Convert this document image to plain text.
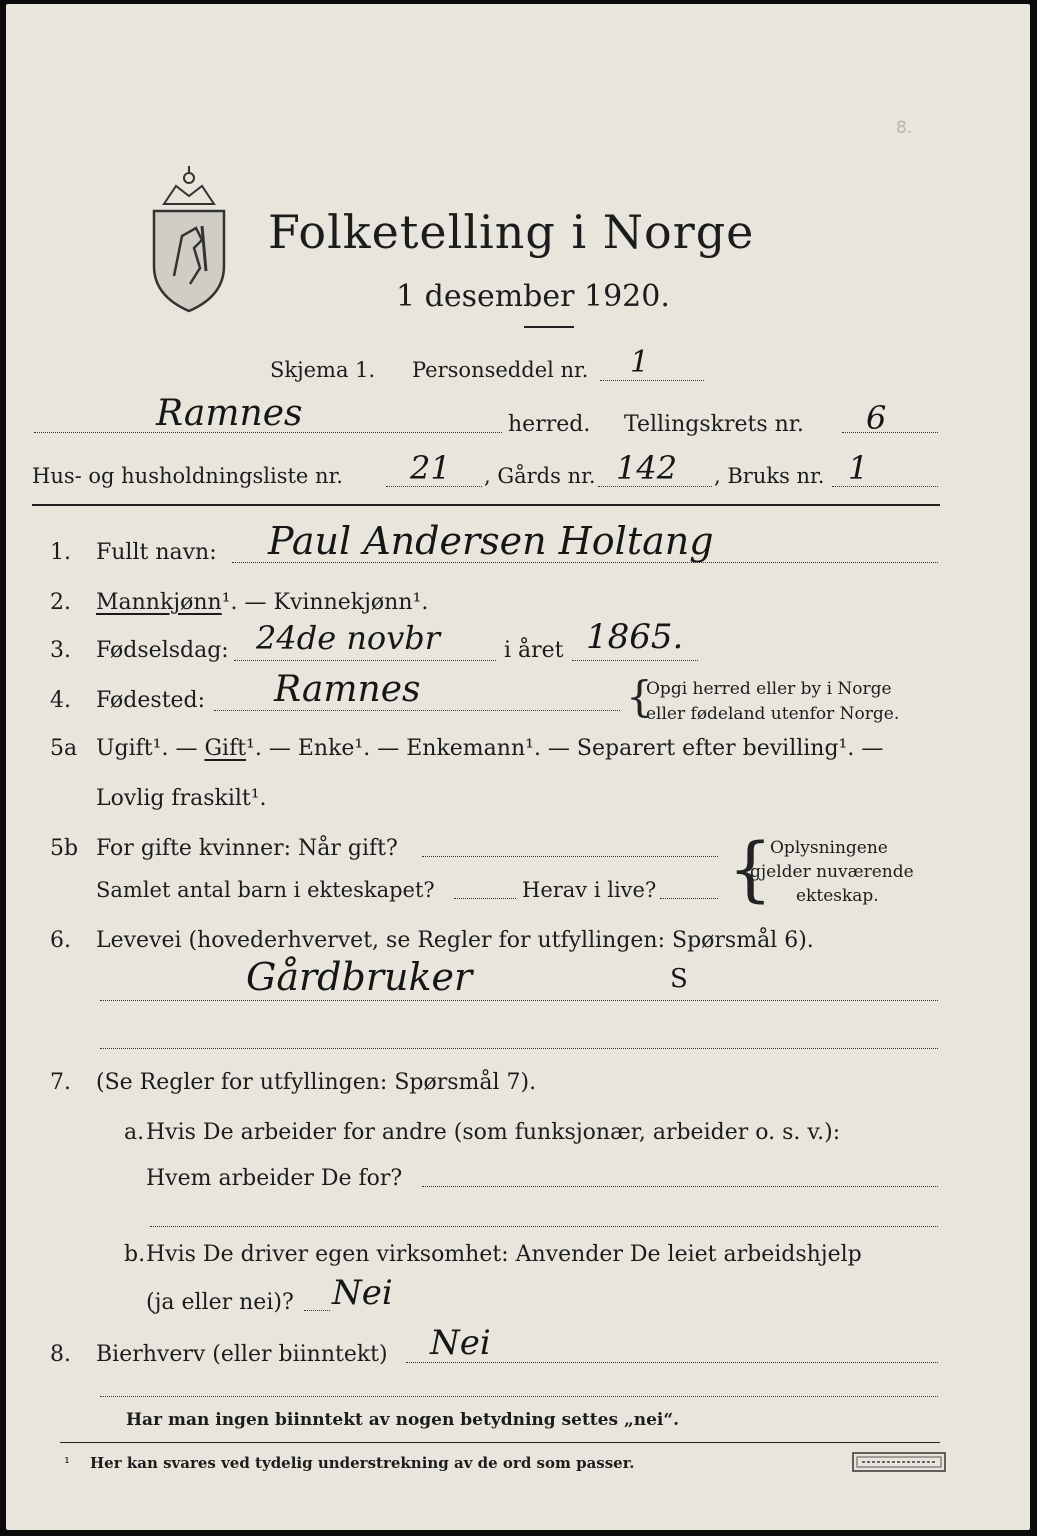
8.
Folketelling i Norge
1 desember 1920.
Skjema 1. Personseddel nr. 1
Ramnes	herred. Tellingskrets nr. 6
Hus- og husholdningsliste nr. 21 , Gårds nr. 142 , Bruks nr. 1
1. Fullt navn: Paul Andersen Holtang
2. Mannkjønn¹. — Kvinnekjønn¹.
3. Fødselsdag: 24de novbr	i året 1865.
4. Fødested: Ramnes	{
Opgi herred eller by i Norge
eller fødeland utenfor Norge.
5a Ugift¹. — Gift¹. — Enke¹. — Enkemann¹. — Separert efter bevilling¹. —
Lovlig fraskilt¹.
5b For gifte kvinner: Når gift?
Samlet antal barn i ekteskapet?	Herav i live? {
Oplysningene
gjelder nuværende
ekteskap.
6. Levevei (hovederhvervet, se Regler for utfyllingen: Spørsmål 6).
Gårdbruker	S
7. (Se Regler for utfyllingen: Spørsmål 7).
a. Hvis De arbeider for andre (som funksjonær, arbeider o. s. v.):
Hvem arbeider De for?
b. Hvis De driver egen virksomhet: Anvender De leiet arbeidshjelp
(ja eller nei)? Nei
8. Bierhverv (eller biinntekt) Nei
Har man ingen biinntekt av nogen betydning settes „nei“.
¹ Her kan svares ved tydelig understrekning av de ord som passer.
